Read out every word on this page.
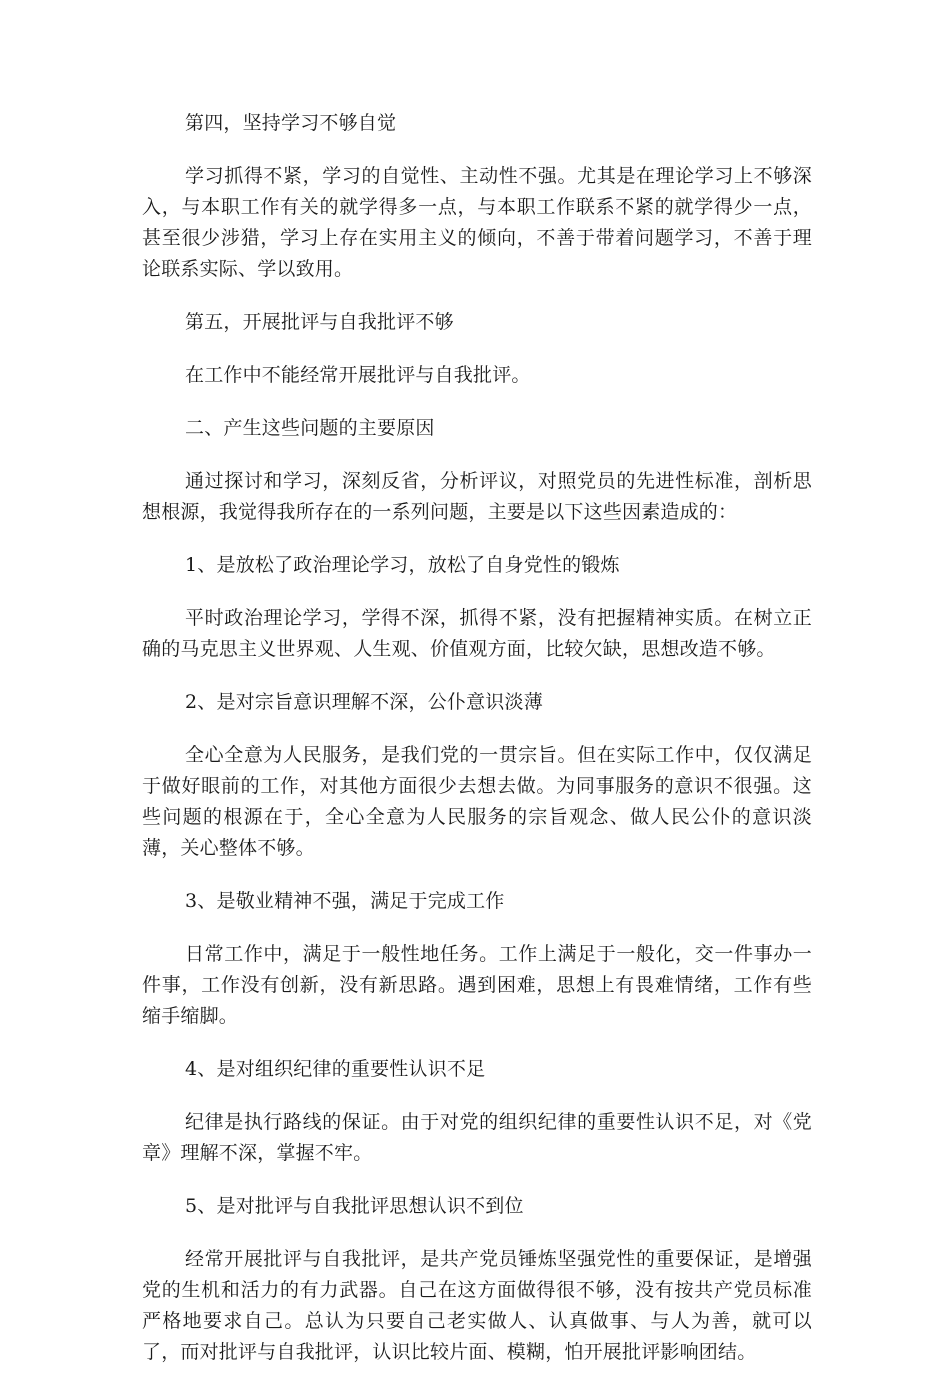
第四，坚持学习不够自觉

学习抓得不紧，学习的自觉性、主动性不强。尤其是在理论学习上不够深入，与本职工作有关的就学得多一点，与本职工作联系不紧的就学得少一点，甚至很少涉猎，学习上存在实用主义的倾向，不善于带着问题学习，不善于理论联系实际、学以致用。

第五，开展批评与自我批评不够

在工作中不能经常开展批评与自我批评。

二、产生这些问题的主要原因

通过探讨和学习，深刻反省，分析评议，对照党员的先进性标准，剖析思想根源，我觉得我所存在的一系列问题，主要是以下这些因素造成的：

1、是放松了政治理论学习，放松了自身党性的锻炼

平时政治理论学习，学得不深，抓得不紧，没有把握精神实质。在树立正确的马克思主义世界观、人生观、价值观方面，比较欠缺，思想改造不够。

2、是对宗旨意识理解不深，公仆意识淡薄

全心全意为人民服务，是我们党的一贯宗旨。但在实际工作中，仅仅满足于做好眼前的工作，对其他方面很少去想去做。为同事服务的意识不很强。这些问题的根源在于，全心全意为人民服务的宗旨观念、做人民公仆的意识淡薄，关心整体不够。

3、是敬业精神不强，满足于完成工作

日常工作中，满足于一般性地任务。工作上满足于一般化，交一件事办一件事，工作没有创新，没有新思路。遇到困难，思想上有畏难情绪，工作有些缩手缩脚。

4、是对组织纪律的重要性认识不足

纪律是执行路线的保证。由于对党的组织纪律的重要性认识不足，对《党章》理解不深，掌握不牢。

5、是对批评与自我批评思想认识不到位

经常开展批评与自我批评，是共产党员锤炼坚强党性的重要保证，是增强党的生机和活力的有力武器。自己在这方面做得很不够，没有按共产党员标准严格地要求自己。总认为只要自己老实做人、认真做事、与人为善，就可以了，而对批评与自我批评，认识比较片面、模糊，怕开展批评影响团结。
